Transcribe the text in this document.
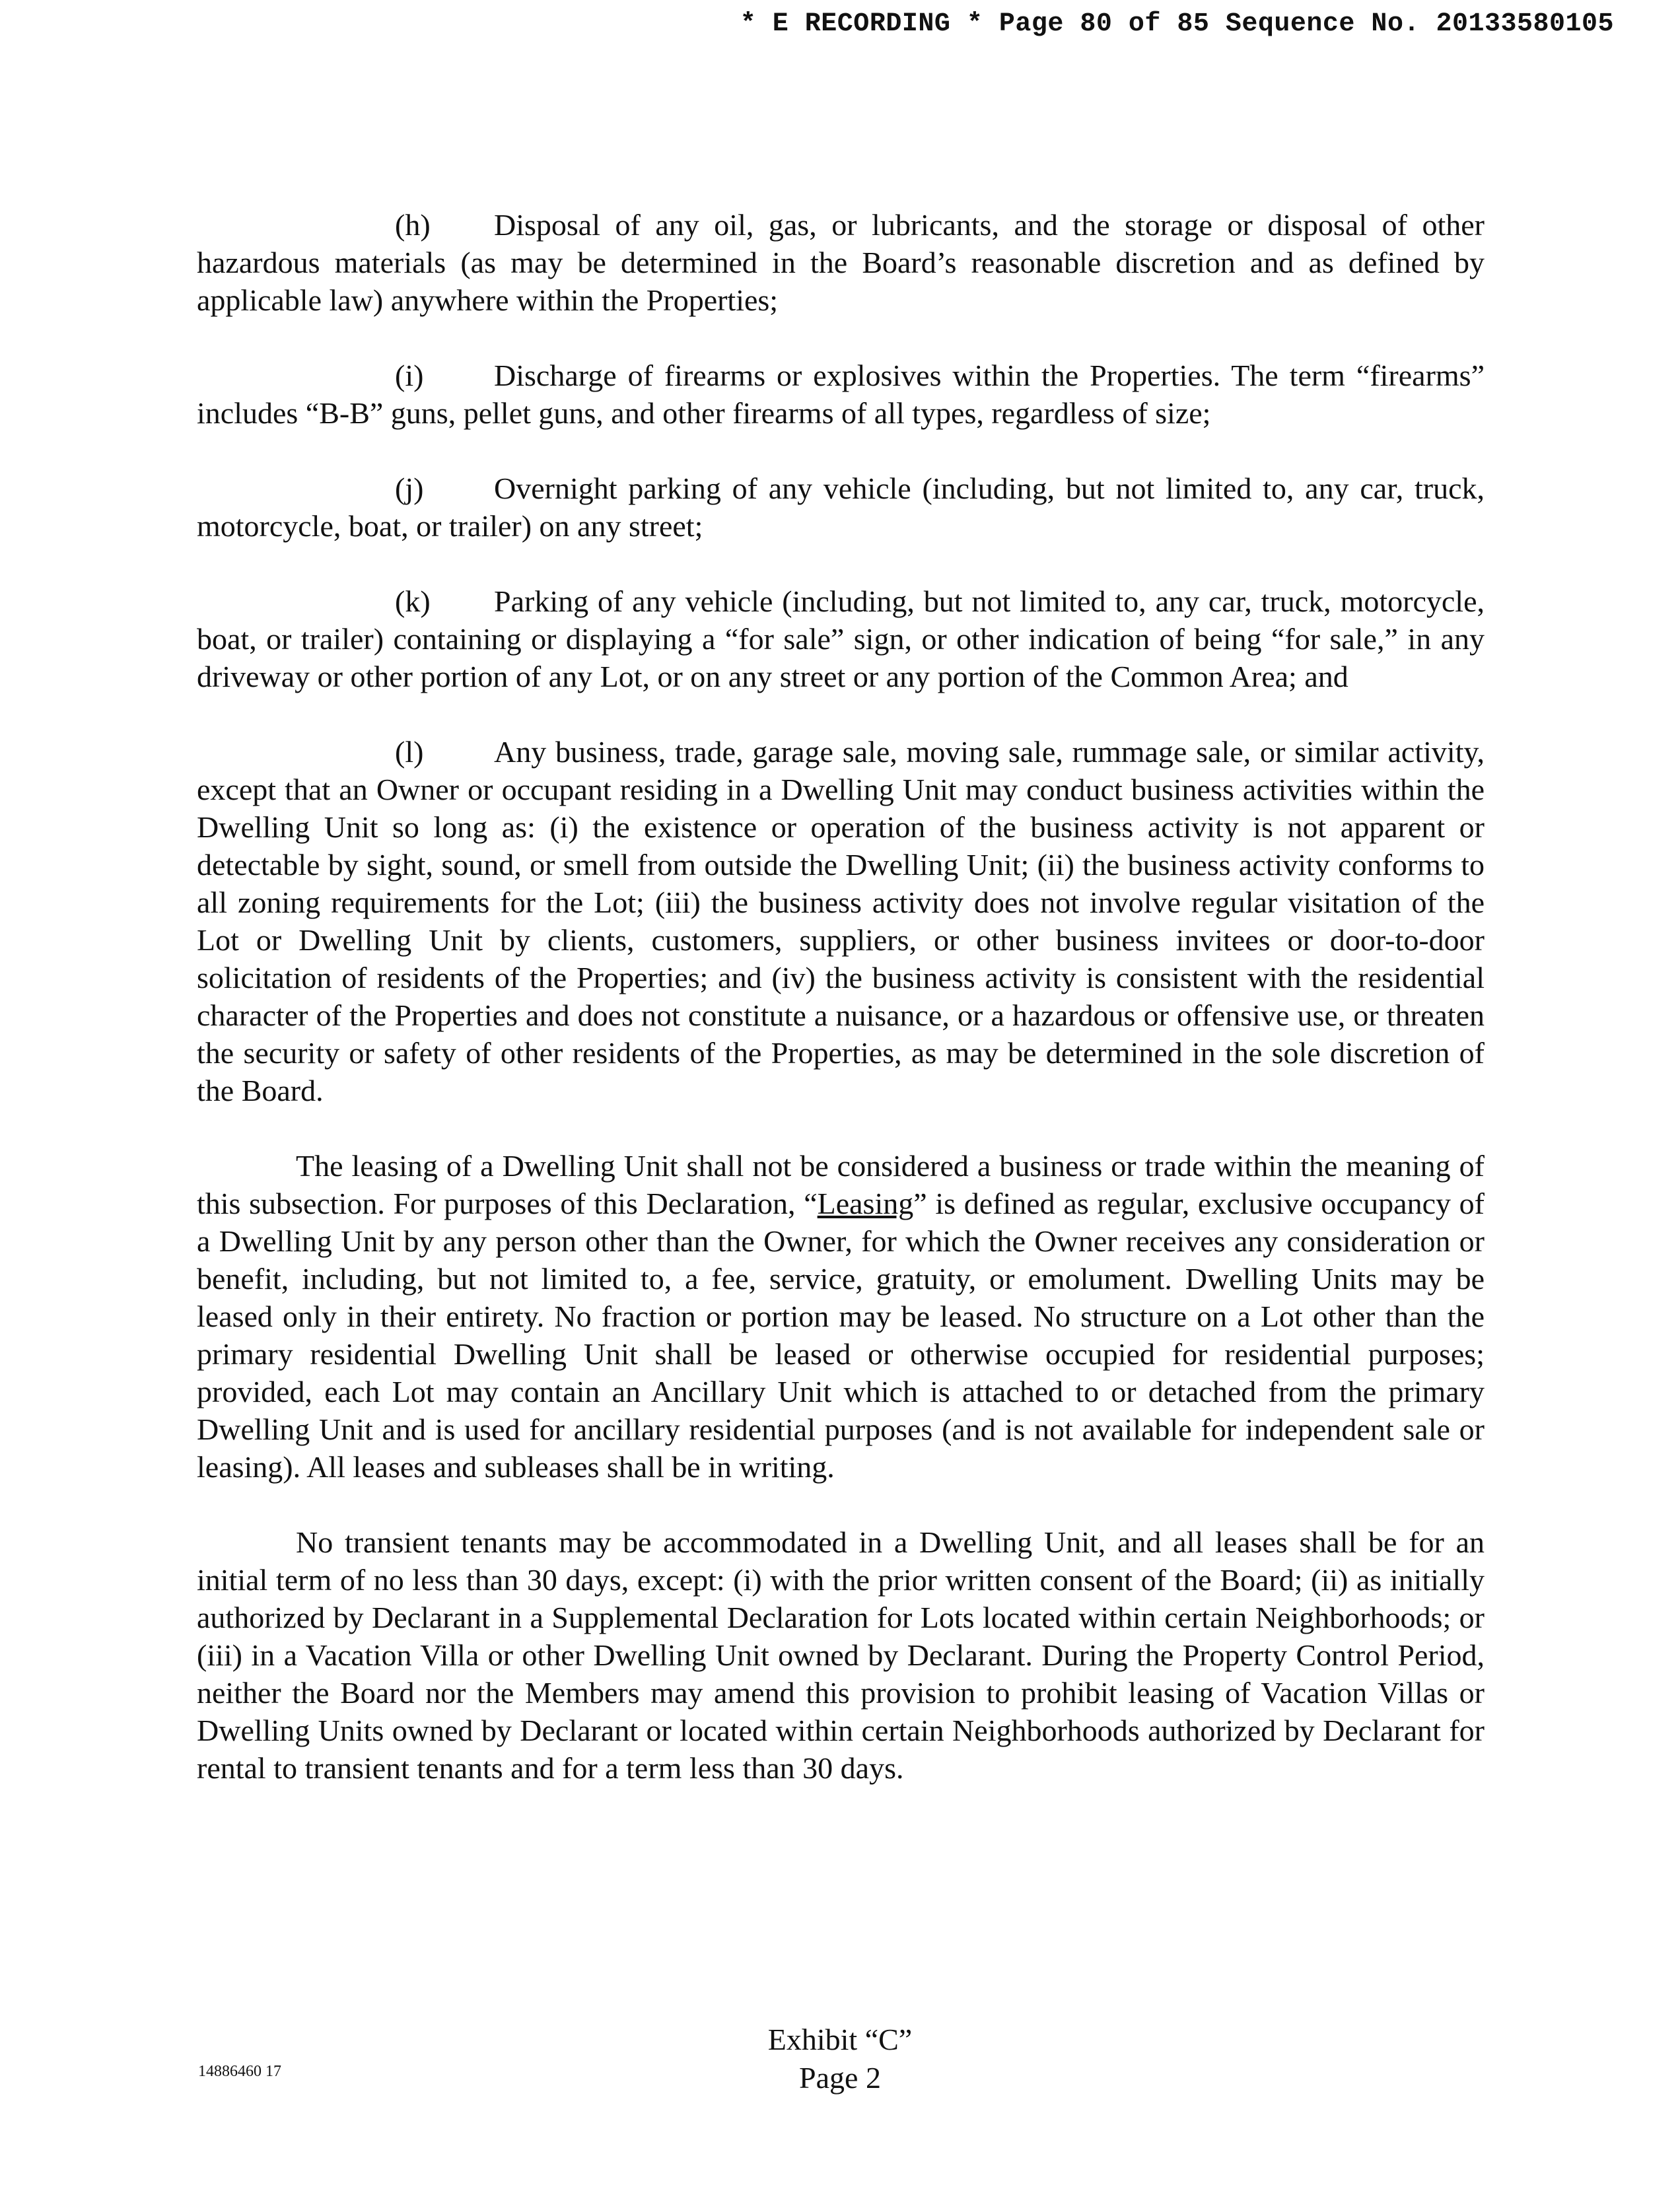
* E RECORDING * Page 80 of 85 Sequence No. 20133580105

(h) Disposal of any oil, gas, or lubricants, and the storage or disposal of other hazardous materials (as may be determined in the Board’s reasonable discretion and as defined by applicable law) anywhere within the Properties;

(i) Discharge of firearms or explosives within the Properties. The term “firearms” includes “B-B” guns, pellet guns, and other firearms of all types, regardless of size;

(j) Overnight parking of any vehicle (including, but not limited to, any car, truck, motorcycle, boat, or trailer) on any street;

(k) Parking of any vehicle (including, but not limited to, any car, truck, motorcycle, boat, or trailer) containing or displaying a “for sale” sign, or other indication of being “for sale,” in any driveway or other portion of any Lot, or on any street or any portion of the Common Area; and

(l) Any business, trade, garage sale, moving sale, rummage sale, or similar activity, except that an Owner or occupant residing in a Dwelling Unit may conduct business activities within the Dwelling Unit so long as: (i) the existence or operation of the business activity is not apparent or detectable by sight, sound, or smell from outside the Dwelling Unit; (ii) the business activity conforms to all zoning requirements for the Lot; (iii) the business activity does not involve regular visitation of the Lot or Dwelling Unit by clients, customers, suppliers, or other business invitees or door-to-door solicitation of residents of the Properties; and (iv) the business activity is consistent with the residential character of the Properties and does not constitute a nuisance, or a hazardous or offensive use, or threaten the security or safety of other residents of the Properties, as may be determined in the sole discretion of the Board.

The leasing of a Dwelling Unit shall not be considered a business or trade within the meaning of this subsection. For purposes of this Declaration, “Leasing” is defined as regular, exclusive occupancy of a Dwelling Unit by any person other than the Owner, for which the Owner receives any consideration or benefit, including, but not limited to, a fee, service, gratuity, or emolument. Dwelling Units may be leased only in their entirety. No fraction or portion may be leased. No structure on a Lot other than the primary residential Dwelling Unit shall be leased or otherwise occupied for residential purposes; provided, each Lot may contain an Ancillary Unit which is attached to or detached from the primary Dwelling Unit and is used for ancillary residential purposes (and is not available for independent sale or leasing). All leases and subleases shall be in writing.

No transient tenants may be accommodated in a Dwelling Unit, and all leases shall be for an initial term of no less than 30 days, except: (i) with the prior written consent of the Board; (ii) as initially authorized by Declarant in a Supplemental Declaration for Lots located within certain Neighborhoods; or (iii) in a Vacation Villa or other Dwelling Unit owned by Declarant. During the Property Control Period, neither the Board nor the Members may amend this provision to prohibit leasing of Vacation Villas or Dwelling Units owned by Declarant or located within certain Neighborhoods authorized by Declarant for rental to transient tenants and for a term less than 30 days.

Exhibit “C”
Page 2
14886460 17
